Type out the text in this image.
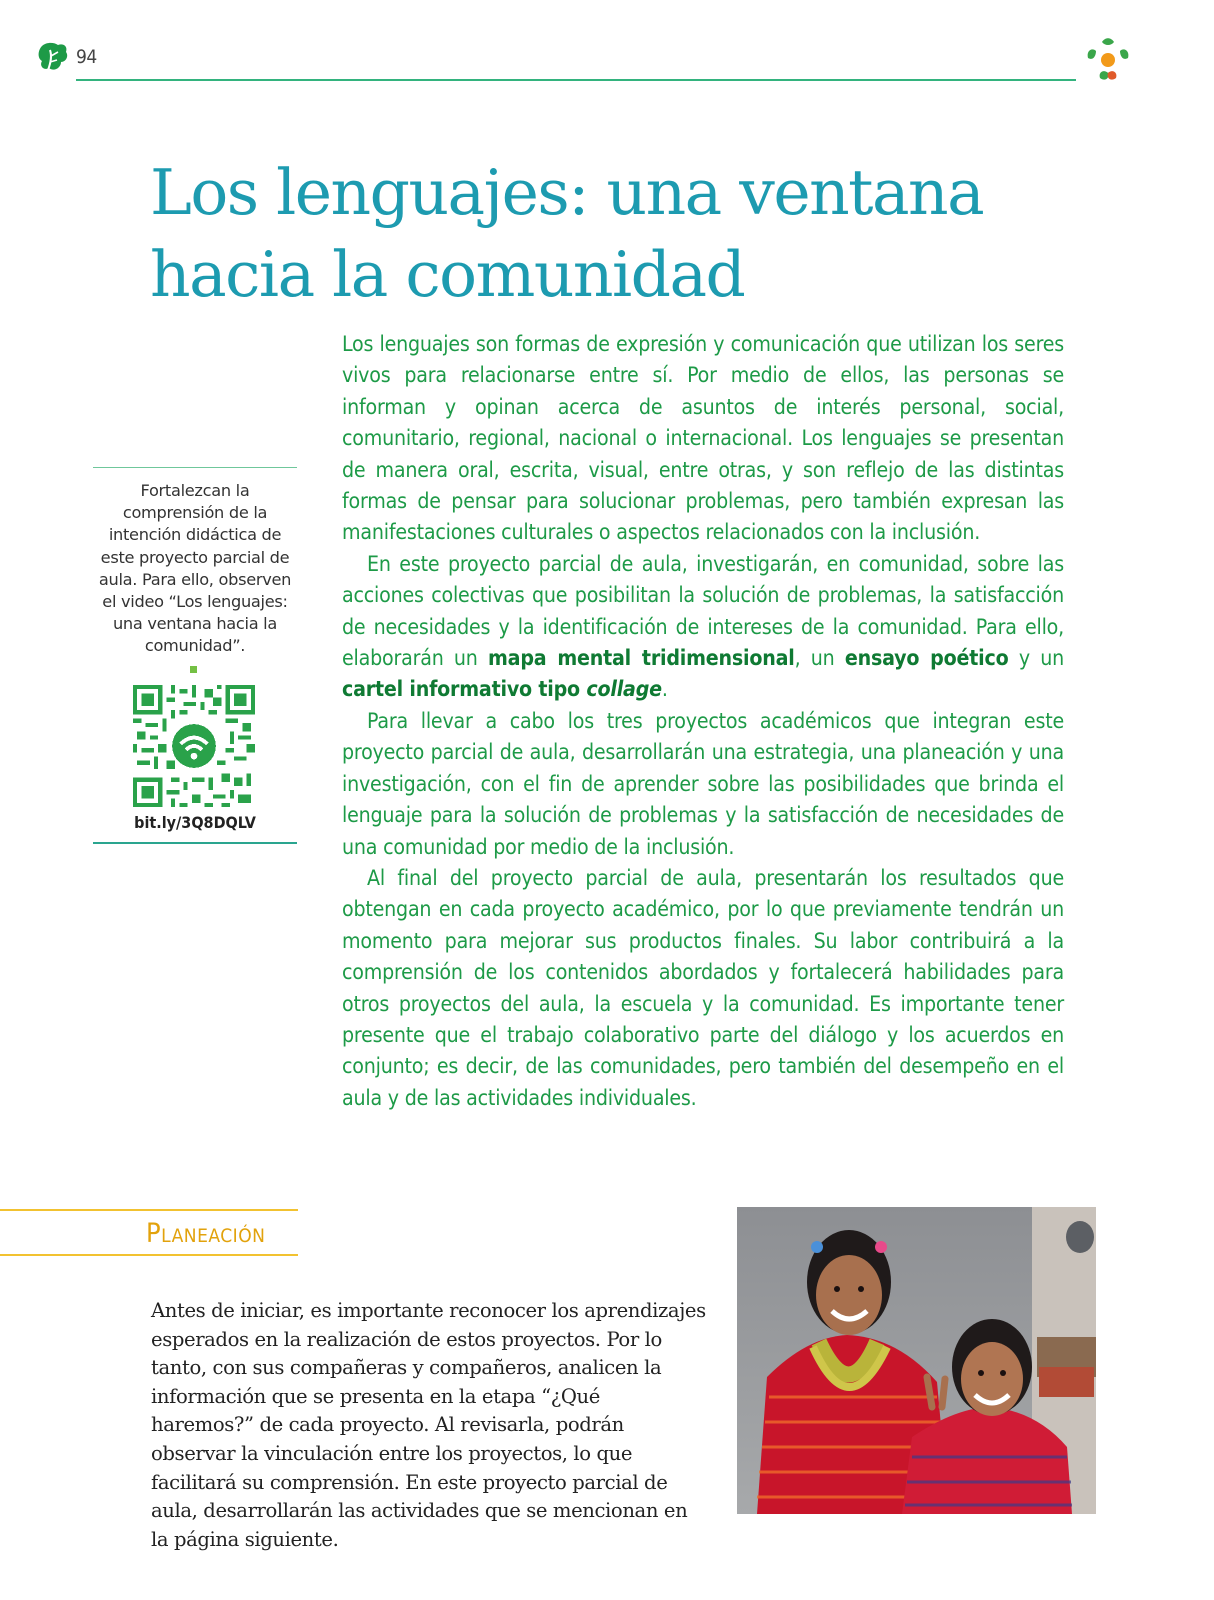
94
Los lenguajes: una ventana
hacia la comunidad

Los lenguajes son formas de expresión y comunicación que utilizan los seres vivos para relacionarse entre sí. Por medio de ellos, las personas se informan y opinan acerca de asuntos de interés personal, social, comunitario, regional, nacional o internacional. Los lenguajes se presentan de manera oral, escrita, visual, entre otras, y son reflejo de las distintas formas de pensar para solucionar problemas, pero también expresan las manifestaciones culturales o aspectos relacionados con la inclusión.

En este proyecto parcial de aula, investigarán, en comunidad, sobre las acciones colectivas que posibilitan la solución de problemas, la satisfacción de necesidades y la identificación de intereses de la comunidad. Para ello, elaborarán un mapa mental tridimensional, un ensayo poético y un cartel informativo tipo collage.

Para llevar a cabo los tres proyectos académicos que integran este proyecto parcial de aula, desarrollarán una estrategia, una planeación y una investigación, con el fin de aprender sobre las posibilidades que brinda el lenguaje para la solución de problemas y la satisfacción de necesidades de una comunidad por medio de la inclusión.

Al final del proyecto parcial de aula, presentarán los resultados que obtengan en cada proyecto académico, por lo que previamente tendrán un momento para mejorar sus productos finales. Su labor contribuirá a la comprensión de los contenidos abordados y fortalecerá habilidades para otros proyectos del aula, la escuela y la comunidad. Es importante tener presente que el trabajo colaborativo parte del diálogo y los acuerdos en conjunto; es decir, de las comunidades, pero también del desempeño en el aula y de las actividades individuales.

Fortalezcan la comprensión de la intención didáctica de este proyecto parcial de aula. Para ello, observen el video “Los lenguajes: una ventana hacia la comunidad”.
bit.ly/3Q8DQLV
Planeación
Antes de iniciar, es importante reconocer los aprendizajes esperados en la realización de estos proyectos. Por lo tanto, con sus compañeras y compañeros, analicen la información que se presenta en la etapa “¿Qué haremos?” de cada proyecto. Al revisarla, podrán observar la vinculación entre los proyectos, lo que facilitará su comprensión. En este proyecto parcial de aula, desarrollarán las actividades que se mencionan en la página siguiente.
